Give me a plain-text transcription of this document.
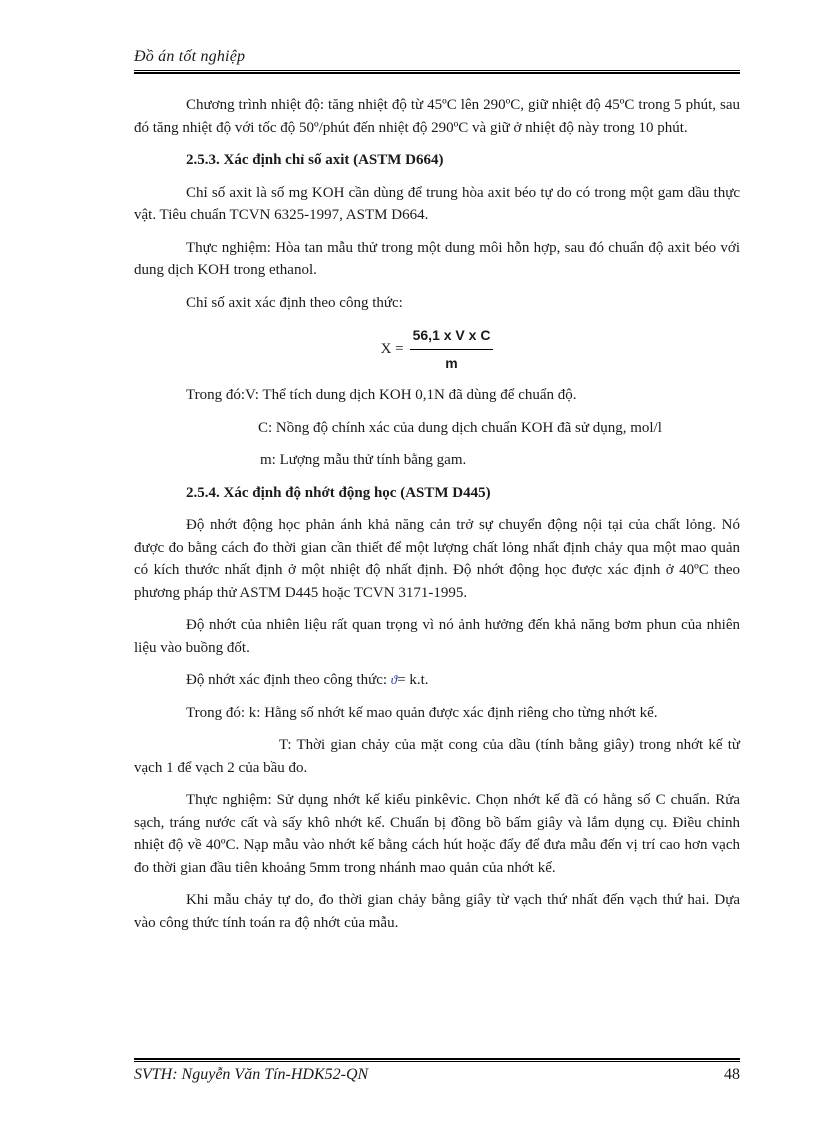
Đồ án tốt nghiệp

Chương trình nhiệt độ: tăng nhiệt độ từ 45ºC lên 290ºC, giữ nhiệt độ 45ºC trong 5 phút, sau đó tăng nhiệt độ với tốc độ 50º/phút đến nhiệt độ 290ºC và giữ ở nhiệt độ này trong 10 phút.

2.5.3. Xác định chỉ số axit (ASTM D664)

Chỉ số axit là số mg KOH cần dùng để trung hòa axit béo tự do có trong một gam dầu thực vật. Tiêu chuẩn TCVN 6325-1997, ASTM D664.

Thực nghiệm: Hòa tan mẫu thử trong một dung môi hỗn hợp, sau đó chuẩn độ axit béo với dung dịch KOH trong ethanol.

Chỉ số axit xác định theo công thức:

$X = \frac{\text{56,1 x V x C}}{m}$

Trong đó:V: Thể tích dung dịch KOH 0,1N đã dùng để chuẩn độ.

C: Nồng độ chính xác của dung dịch chuẩn KOH đã sử dụng, mol/l

m: Lượng mẫu thử tính bằng gam.

2.5.4. Xác định độ nhớt động học (ASTM D445)

Độ nhớt động học phản ánh khả năng cản trở sự chuyển động nội tại của chất lỏng. Nó được đo bằng cách đo thời gian cần thiết để một lượng chất lỏng nhất định chảy qua một mao quản có kích thước nhất định ở một nhiệt độ nhất định. Độ nhớt động học được xác định ở 40ºC theo phương pháp thử ASTM D445 hoặc TCVN 3171-1995.

Độ nhớt của nhiên liệu rất quan trọng vì nó ảnh hưởng đến khả năng bơm phun của nhiên liệu vào buồng đốt.

Độ nhớt xác định theo công thức: ϑ= k.t.

Trong đó: k: Hằng số nhớt kế mao quản được xác định riêng cho từng nhớt kế.

T: Thời gian chảy của mặt cong của dầu (tính bằng giây) trong nhớt kế từ vạch 1 để vạch 2 của bầu đo.

Thực nghiệm: Sử dụng nhớt kế kiểu pinkêvic. Chọn nhớt kế đã có hằng số C chuẩn. Rửa sạch, tráng nước cất và sấy khô nhớt kế. Chuẩn bị đồng bồ bấm giây và lắm dụng cụ. Điều chỉnh nhiệt độ về 40ºC. Nạp mẫu vào nhớt kế bằng cách hút hoặc đẩy để đưa mẫu đến vị trí cao hơn vạch đo thời gian đầu tiên khoảng 5mm trong nhánh mao quản của nhớt kế.

Khi mẫu chảy tự do, đo thời gian chảy bằng giây từ vạch thứ nhất đến vạch thứ hai. Dựa vào công thức tính toán ra độ nhớt của mẫu.

SVTH: Nguyễn Văn Tín-HDK52-QN	48
